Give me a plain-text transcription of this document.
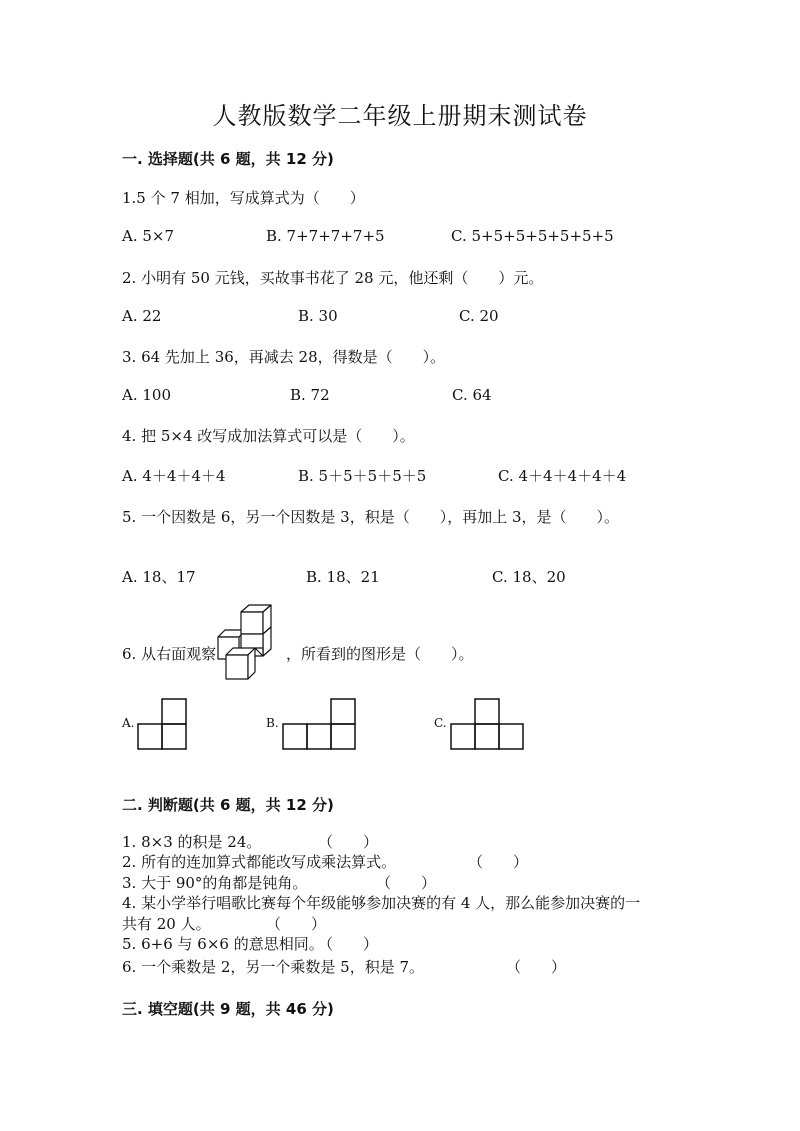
人教版数学二年级上册期末测试卷
一. 选择题(共 6 题，共 12 分)
1.5 个 7 相加，写成算式为（　　）
A. 5×7	B. 7+7+7+7+5	C. 5+5+5+5+5+5+5
2. 小明有 50 元钱，买故事书花了 28 元，他还剩（　　）元。
A. 22	B. 30	C. 20
3. 64 先加上 36，再减去 28，得数是（　　）。
A. 100	B. 72	C. 64
4. 把 5×4 改写成加法算式可以是（　　）。
A. 4＋4＋4＋4	B. 5＋5＋5＋5＋5	C. 4＋4＋4＋4＋4
5. 一个因数是 6，另一个因数是 3，积是（　　），再加上 3，是（　　）。
A. 18、17	B. 18、21	C. 18、20
6. 从右面观察	，所看到的图形是（　　）。
A.	B.	C.
二. 判断题(共 6 题，共 12 分)
1. 8×3 的积是 24。	（　　）
2. 所有的连加算式都能改写成乘法算式。	（　　）
3. 大于 90°的角都是钝角。	（　　）
4. 某小学举行唱歌比赛每个年级能够参加决赛的有 4 人，那么能参加决赛的一
共有 20 人。	（　　）
5. 6+6 与 6×6 的意思相同。
（　　）
6. 一个乘数是 2，另一个乘数是 5，积是 7。	（　　）
三. 填空题(共 9 题，共 46 分)
